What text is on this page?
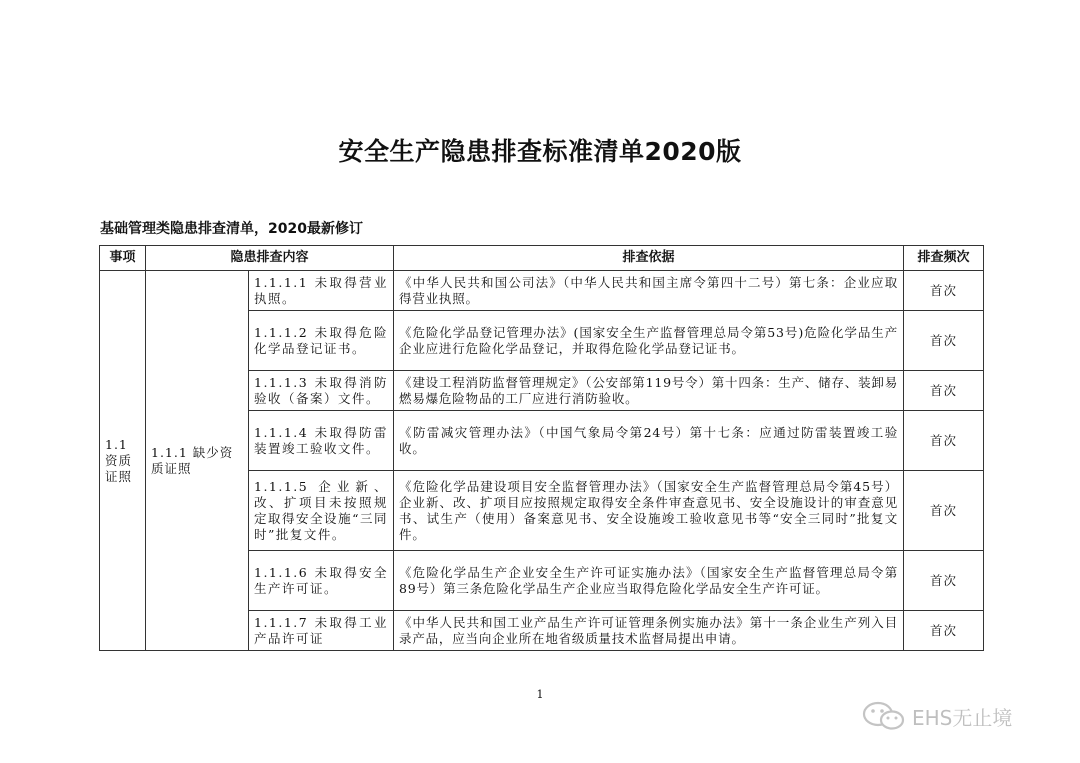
安全生产隐患排查标准清单2020版
基础管理类隐患排查清单，2020最新修订
事项	隐患排查内容		排查依据	排查频次
1.1 资质证照	1.1.1 缺少资质证照	1.1.1.1 未取得营业执照。	《中华人民共和国公司法》（中华人民共和国主席令第四十二号）第七条：企业应取得营业执照。	首次
		1.1.1.2 未取得危险化学品登记证书。	《危险化学品登记管理办法》(国家安全生产监督管理总局令第53号)危险化学品生产企业应进行危险化学品登记，并取得危险化学品登记证书。	首次
		1.1.1.3 未取得消防验收（备案）文件。	《建设工程消防监督管理规定》（公安部第119号令）第十四条：生产、储存、装卸易燃易爆危险物品的工厂应进行消防验收。	首次
		1.1.1.4 未取得防雷装置竣工验收文件。	《防雷减灾管理办法》（中国气象局令第24号）第十七条：应通过防雷装置竣工验收。	首次
		1.1.1.5 企业新、改、扩项目未按照规定取得安全设施“三同时”批复文件。	《危险化学品建设项目安全监督管理办法》（国家安全生产监督管理总局令第45号）企业新、改、扩项目应按照规定取得安全条件审查意见书、安全设施设计的审查意见书、试生产（使用）备案意见书、安全设施竣工验收意见书等“安全三同时”批复文件。	首次
		1.1.1.6 未取得安全生产许可证。	《危险化学品生产企业安全生产许可证实施办法》（国家安全生产监督管理总局令第89号）第三条危险化学品生产企业应当取得危险化学品安全生产许可证。	首次
		1.1.1.7 未取得工业产品许可证	《中华人民共和国工业产品生产许可证管理条例实施办法》第十一条企业生产列入目录产品，应当向企业所在地省级质量技术监督局提出申请。	首次
1
EHS无止境
